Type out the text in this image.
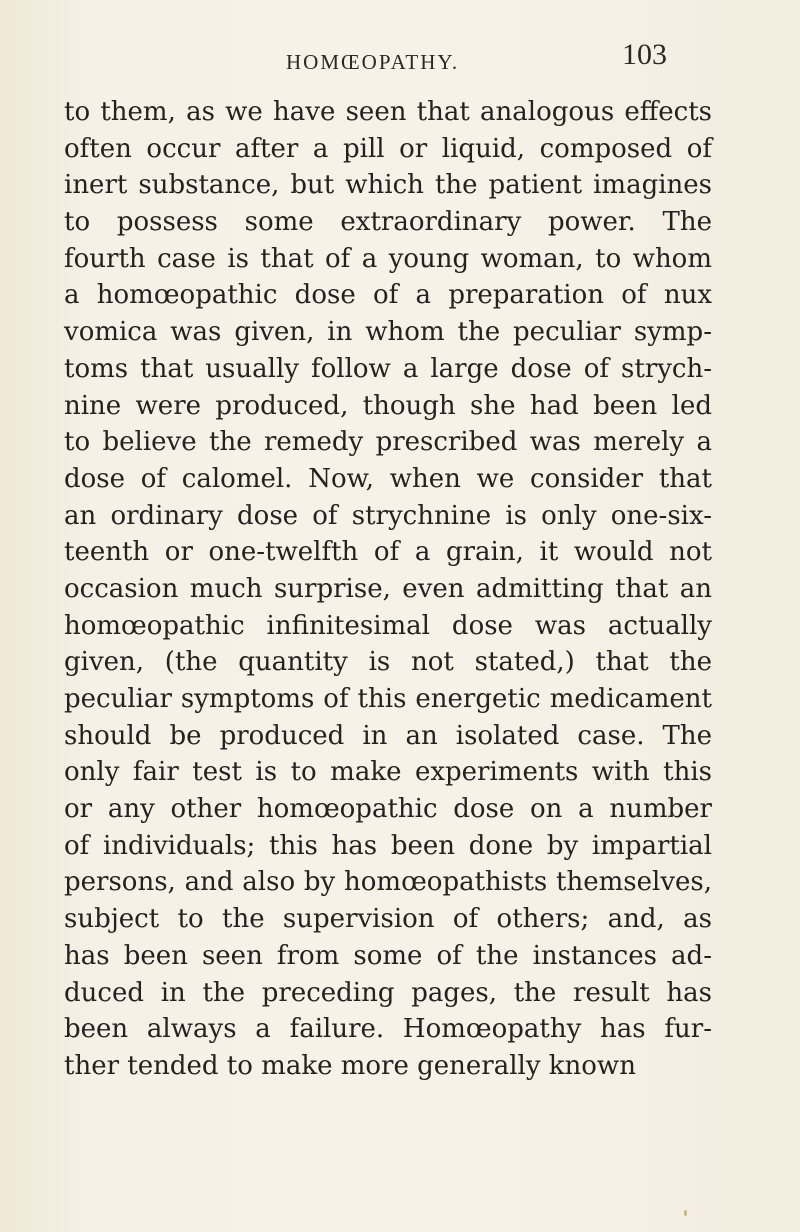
HOMŒOPATHY.	103
to them, as we have seen that analogous effects
often occur after a pill or liquid, composed of
inert substance, but which the patient imagines
to possess some extraordinary power. The
fourth case is that of a young woman, to whom
a homœopathic dose of a preparation of nux
vomica was given, in whom the peculiar symp-
toms that usually follow a large dose of strych-
nine were produced, though she had been led
to believe the remedy prescribed was merely a
dose of calomel. Now, when we consider that
an ordinary dose of strychnine is only one-six-
teenth or one-twelfth of a grain, it would not
occasion much surprise, even admitting that an
homœopathic infinitesimal dose was actually
given, (the quantity is not stated,) that the
peculiar symptoms of this energetic medicament
should be produced in an isolated case. The
only fair test is to make experiments with this
or any other homœopathic dose on a number
of individuals; this has been done by impartial
persons, and also by homœopathists themselves,
subject to the supervision of others; and, as
has been seen from some of the instances ad-
duced in the preceding pages, the result has
been always a failure. Homœopathy has fur-
ther tended to make more generally known
